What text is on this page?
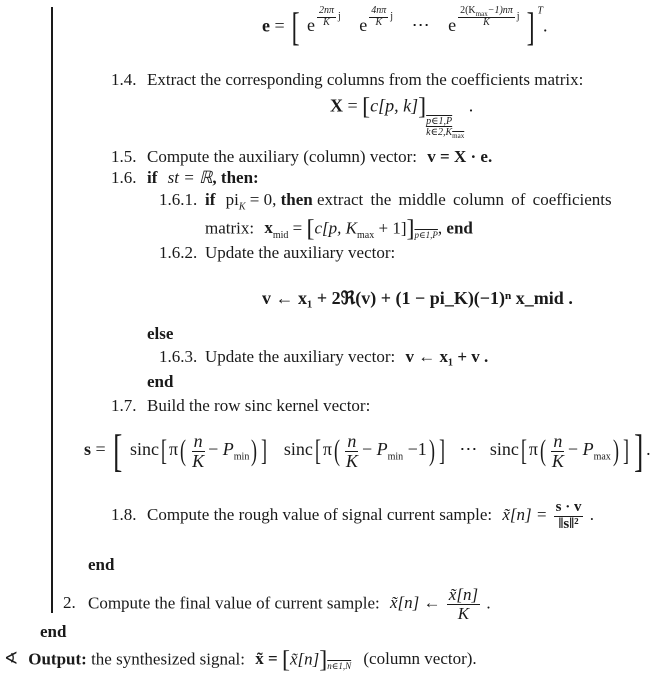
e = [ e $^{\frac{2n\pi}{K} j}$ e $^{\frac{4n\pi}{K} j}$ ⋯ e $^{\frac{2(K_{max}-1)n\pi}{K} j}$ ] $^T$.
1.4. Extract the corresponding columns from the coefficients matrix:
X = [c[p, k]]
p∈1,P
$k\in 2,K_{max}$
.
1.5. Compute the auxiliary (column) vector: v = X · e.
1.6. if st = ℝ, then:
1.6.1. if $pi_K = 0$, then extract the middle column of coefficients
matrix: $x_{mid} = [c[p$, $K_{max} + 1]]_{p\in 1,P}$, end
1.6.2. Update the auxiliary vector:
v ← x₁ + 2ℜ(v) + (1 − pi_K)(−1)ⁿ x_mid .
else
1.6.3. Update the auxiliary vector: v ← x₁ + v .
end
1.7. Build the row sinc kernel vector:
s = [ sinc[ $\pi( \frac{n}{K} - P_{min})$ ] sinc[ $\pi( \frac{n}{K} - P_{min} -1)$ ] ⋯ sinc[ $\pi( \frac{n}{K} - P_{max})$ ] ] .
1.8. Compute the rough value of signal current sample: x̃[n] = $\frac{s \cdot v}{\text{‖s‖²}}$ .
end
2. Compute the final value of current sample: x̃[n] ← $\frac{x̃[n]}{K}$ .
end
∢ Output: the synthesized signal: x̃ = $[x̃[n]]_{n\in 1,N}$ (column vector).
